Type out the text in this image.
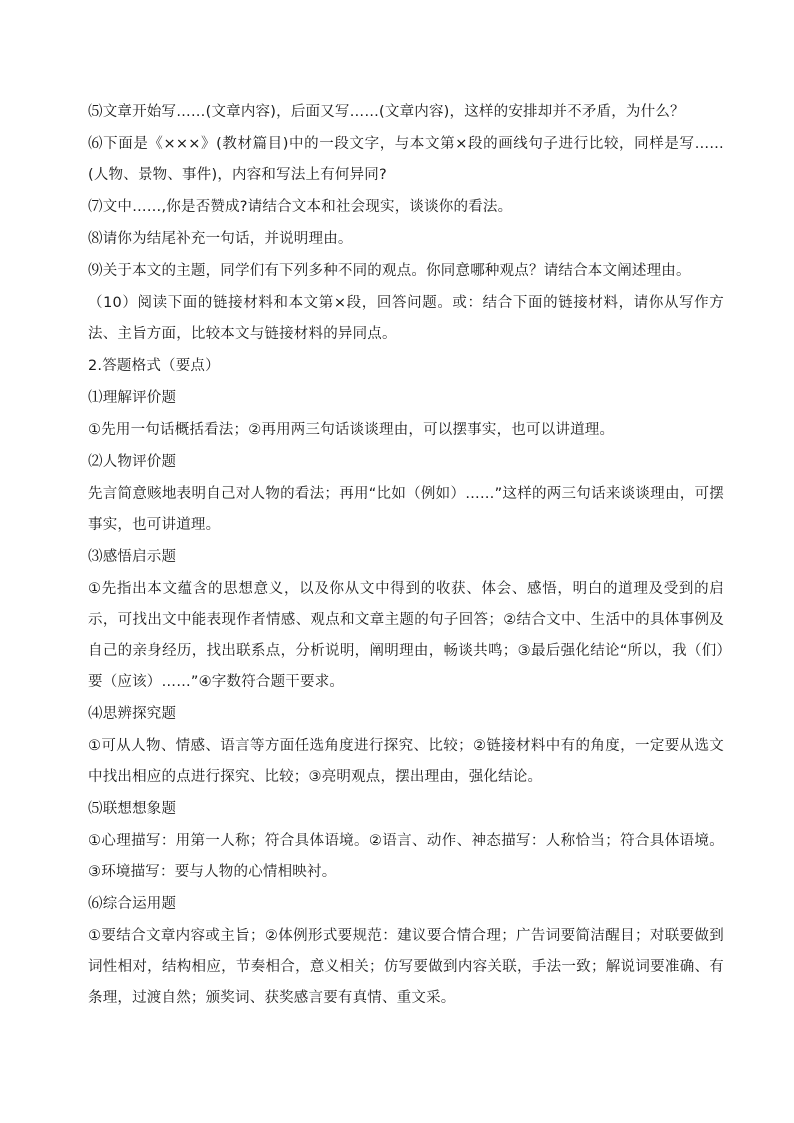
⑸文章开始写……(文章内容)，后面又写……(文章内容)，这样的安排却并不矛盾，为什么？

⑹下面是《×××》(教材篇目)中的一段文字，与本文第×段的画线句子进行比较，同样是写……(人物、景物、事件)，内容和写法上有何异同?

⑺文中……,你是否赞成?请结合文本和社会现实，谈谈你的看法。

⑻请你为结尾补充一句话，并说明理由。

⑼关于本文的主题，同学们有下列多种不同的观点。你同意哪种观点？请结合本文阐述理由。

（10）阅读下面的链接材料和本文第×段，回答问题。或：结合下面的链接材料，请你从写作方法、主旨方面，比较本文与链接材料的异同点。

2.答题格式（要点）

⑴理解评价题

①先用一句话概括看法；②再用两三句话谈谈理由，可以摆事实，也可以讲道理。

⑵人物评价题

先言简意赅地表明自己对人物的看法；再用“比如（例如）……”这样的两三句话来谈谈理由，可摆事实，也可讲道理。

⑶感悟启示题

①先指出本文蕴含的思想意义，以及你从文中得到的收获、体会、感悟，明白的道理及受到的启示，可找出文中能表现作者情感、观点和文章主题的句子回答；②结合文中、生活中的具体事例及自己的亲身经历，找出联系点，分析说明，阐明理由，畅谈共鸣；③最后强化结论“所以，我（们）要（应该）……”④字数符合题干要求。

⑷思辨探究题

①可从人物、情感、语言等方面任选角度进行探究、比较；②链接材料中有的角度，一定要从选文中找出相应的点进行探究、比较；③亮明观点，摆出理由，强化结论。

⑸联想想象题

①心理描写：用第一人称；符合具体语境。②语言、动作、神态描写：人称恰当；符合具体语境。③环境描写：要与人物的心情相映衬。

⑹综合运用题

①要结合文章内容或主旨；②体例形式要规范：建议要合情合理；广告词要简洁醒目；对联要做到词性相对，结构相应，节奏相合，意义相关；仿写要做到内容关联，手法一致；解说词要准确、有条理，过渡自然；颁奖词、获奖感言要有真情、重文采。
